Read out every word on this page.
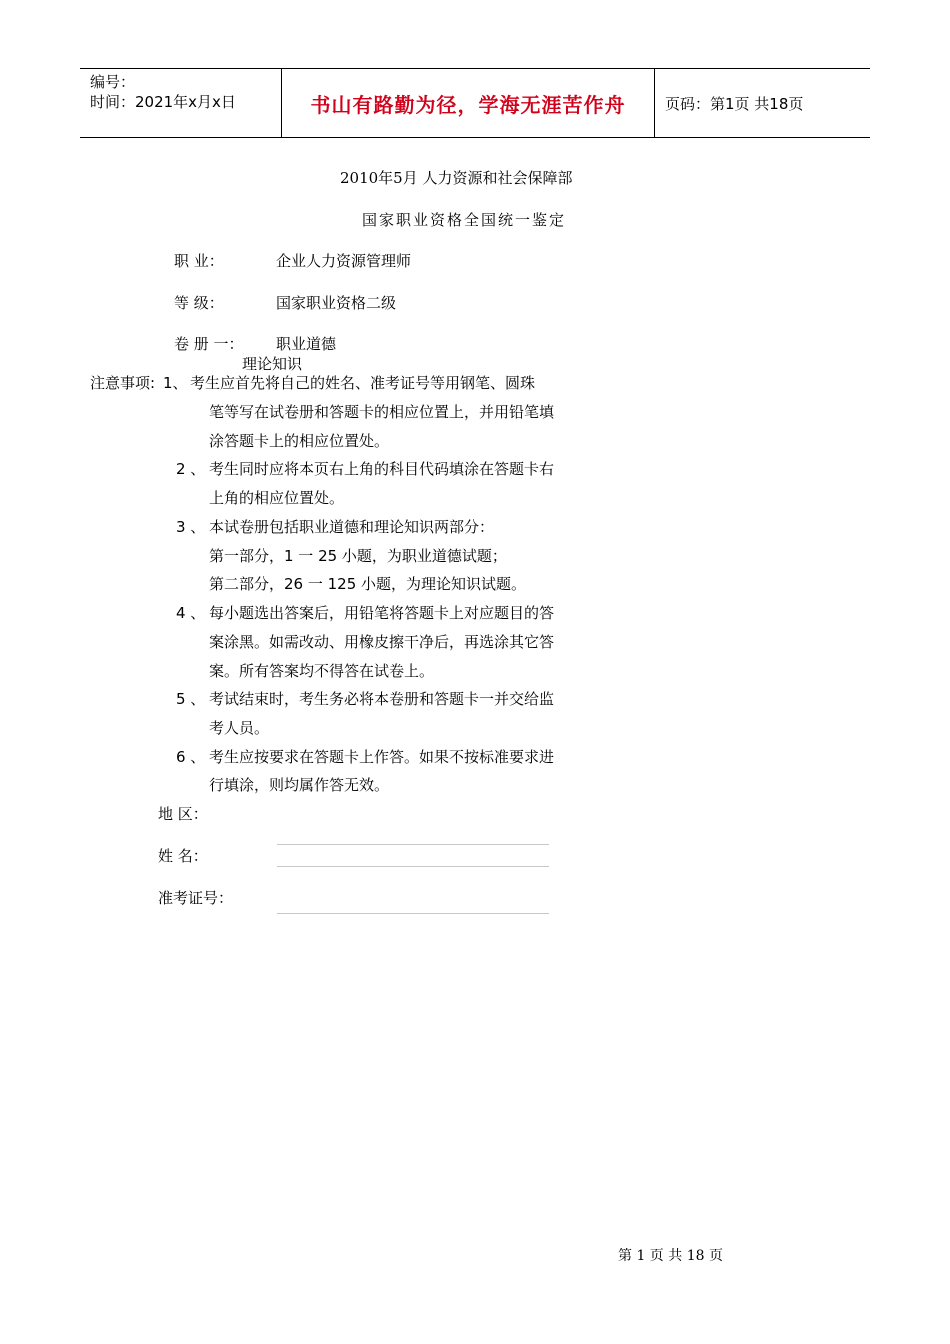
编号：
时间：2021年x月x日	书山有路勤为径，学海无涯苦作舟	页码：第1页 共18页
2010年5月 人力资源和社会保障部
国家职业资格全国统一鉴定
职 业：	企业人力资源管理师
等 级：	国家职业资格二级
卷 册 一： 职业道德
理论知识
注意事项: 1、 考生应首先将自己的姓名、准考证号等用钢笔、圆珠
笔等写在试卷册和答题卡的相应位置上，并用铅笔填
涂答题卡上的相应位置处。
2 、 考生同时应将本页右上角的科目代码填涂在答题卡右
上角的相应位置处。
3 、 本试卷册包括职业道德和理论知识两部分：
第一部分，1 一 25 小题，为职业道德试题；
第二部分，26 一 125 小题，为理论知识试题。
4 、 每小题选出答案后，用铅笔将答题卡上对应题目的答
案涂黑。如需改动、用橡皮擦干净后，再选涂其它答
案。所有答案均不得答在试卷上。
5 、 考试结束时，考生务必将本卷册和答题卡一并交给监
考人员。
6 、 考生应按要求在答题卡上作答。如果不按标准要求进
行填涂，则均属作答无效。
地 区：
姓 名：
准考证号：
第 1 页 共 18 页
